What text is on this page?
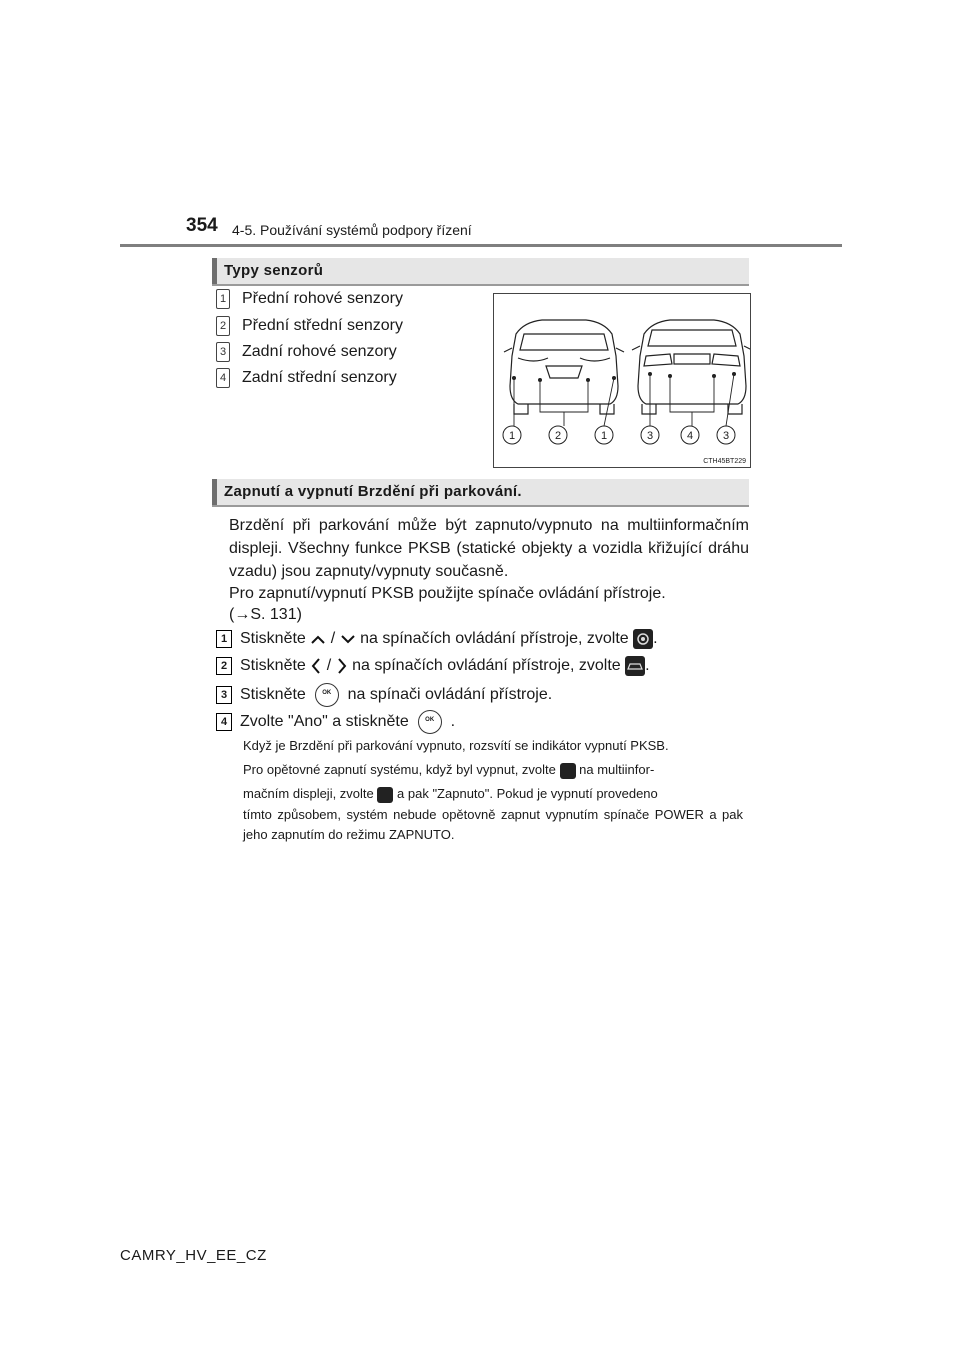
354 4-5. Používání systémů podpory řízení
Typy senzorů
1 Přední rohové senzory
2 Přední střední senzory
3 Zadní rohové senzory
4 Zadní střední senzory
1	2	1	3	4	3
CTH45BT229
Zapnutí a vypnutí Brzdění při parkování.
Brzdění při parkování může být zapnuto/vypnuto na multiinformačním displeji. Všechny funkce PKSB (statické objekty a vozidla křižující dráhu vzadu) jsou zapnuty/vypnuty současně.
Pro zapnutí/vypnutí PKSB použijte spínače ovládání přístroje.
(→S. 131)
1 Stiskněte / na spínačích ovládání přístroje, zvolte .
2 Stiskněte / na spínačích ovládání přístroje, zvolte .
3 Stiskněte	OK	na spínači ovládání přístroje.
4 Zvolte "Ano" a stiskněte	OK	.
Když je Brzdění při parkování vypnuto, rozsvítí se indikátor vypnutí PKSB.
Pro opětovné zapnutí systému, když byl vypnut, zvolte na multiinfor-
mačním displeji, zvolte a pak "Zapnuto". Pokud je vypnutí provedeno
tímto způsobem, systém nebude opětovně zapnut vypnutím spínače POWER a pak jeho zapnutím do režimu ZAPNUTO.
CAMRY_HV_EE_CZ
